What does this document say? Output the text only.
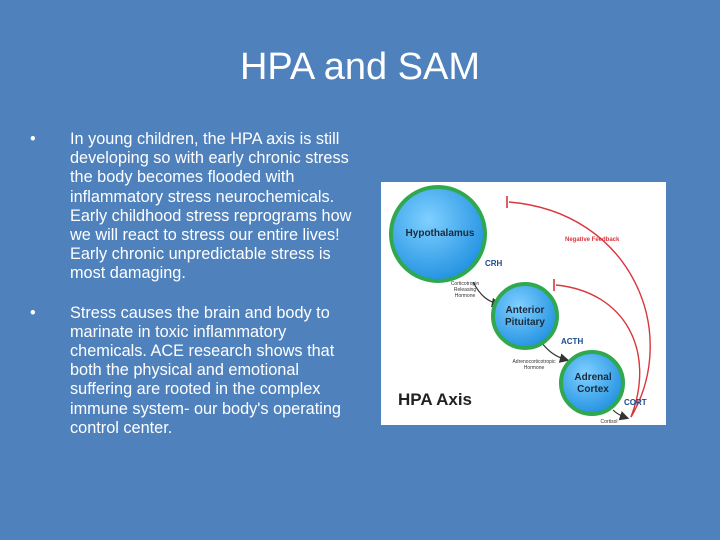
HPA and SAM
• In young children, the HPA axis is still developing so with early chronic stress the body becomes flooded with inflammatory stress neurochemicals. Early childhood stress reprograms how we will react to stress our entire lives! Early chronic unpredictable stress is most damaging.
• Stress causes the brain and body to marinate in toxic inflammatory chemicals. ACE research shows that both the physical and emotional suffering are rooted in the complex immune system- our body's operating control center.
Hypothalamus
Anterior
Pituitary
Adrenal
Cortex
CRH
Corticotropin
Releasing
Hormone
ACTH
Adrenocorticotropic
Hormone
CORT
Cortisol
Negative Feedback
HPA Axis
